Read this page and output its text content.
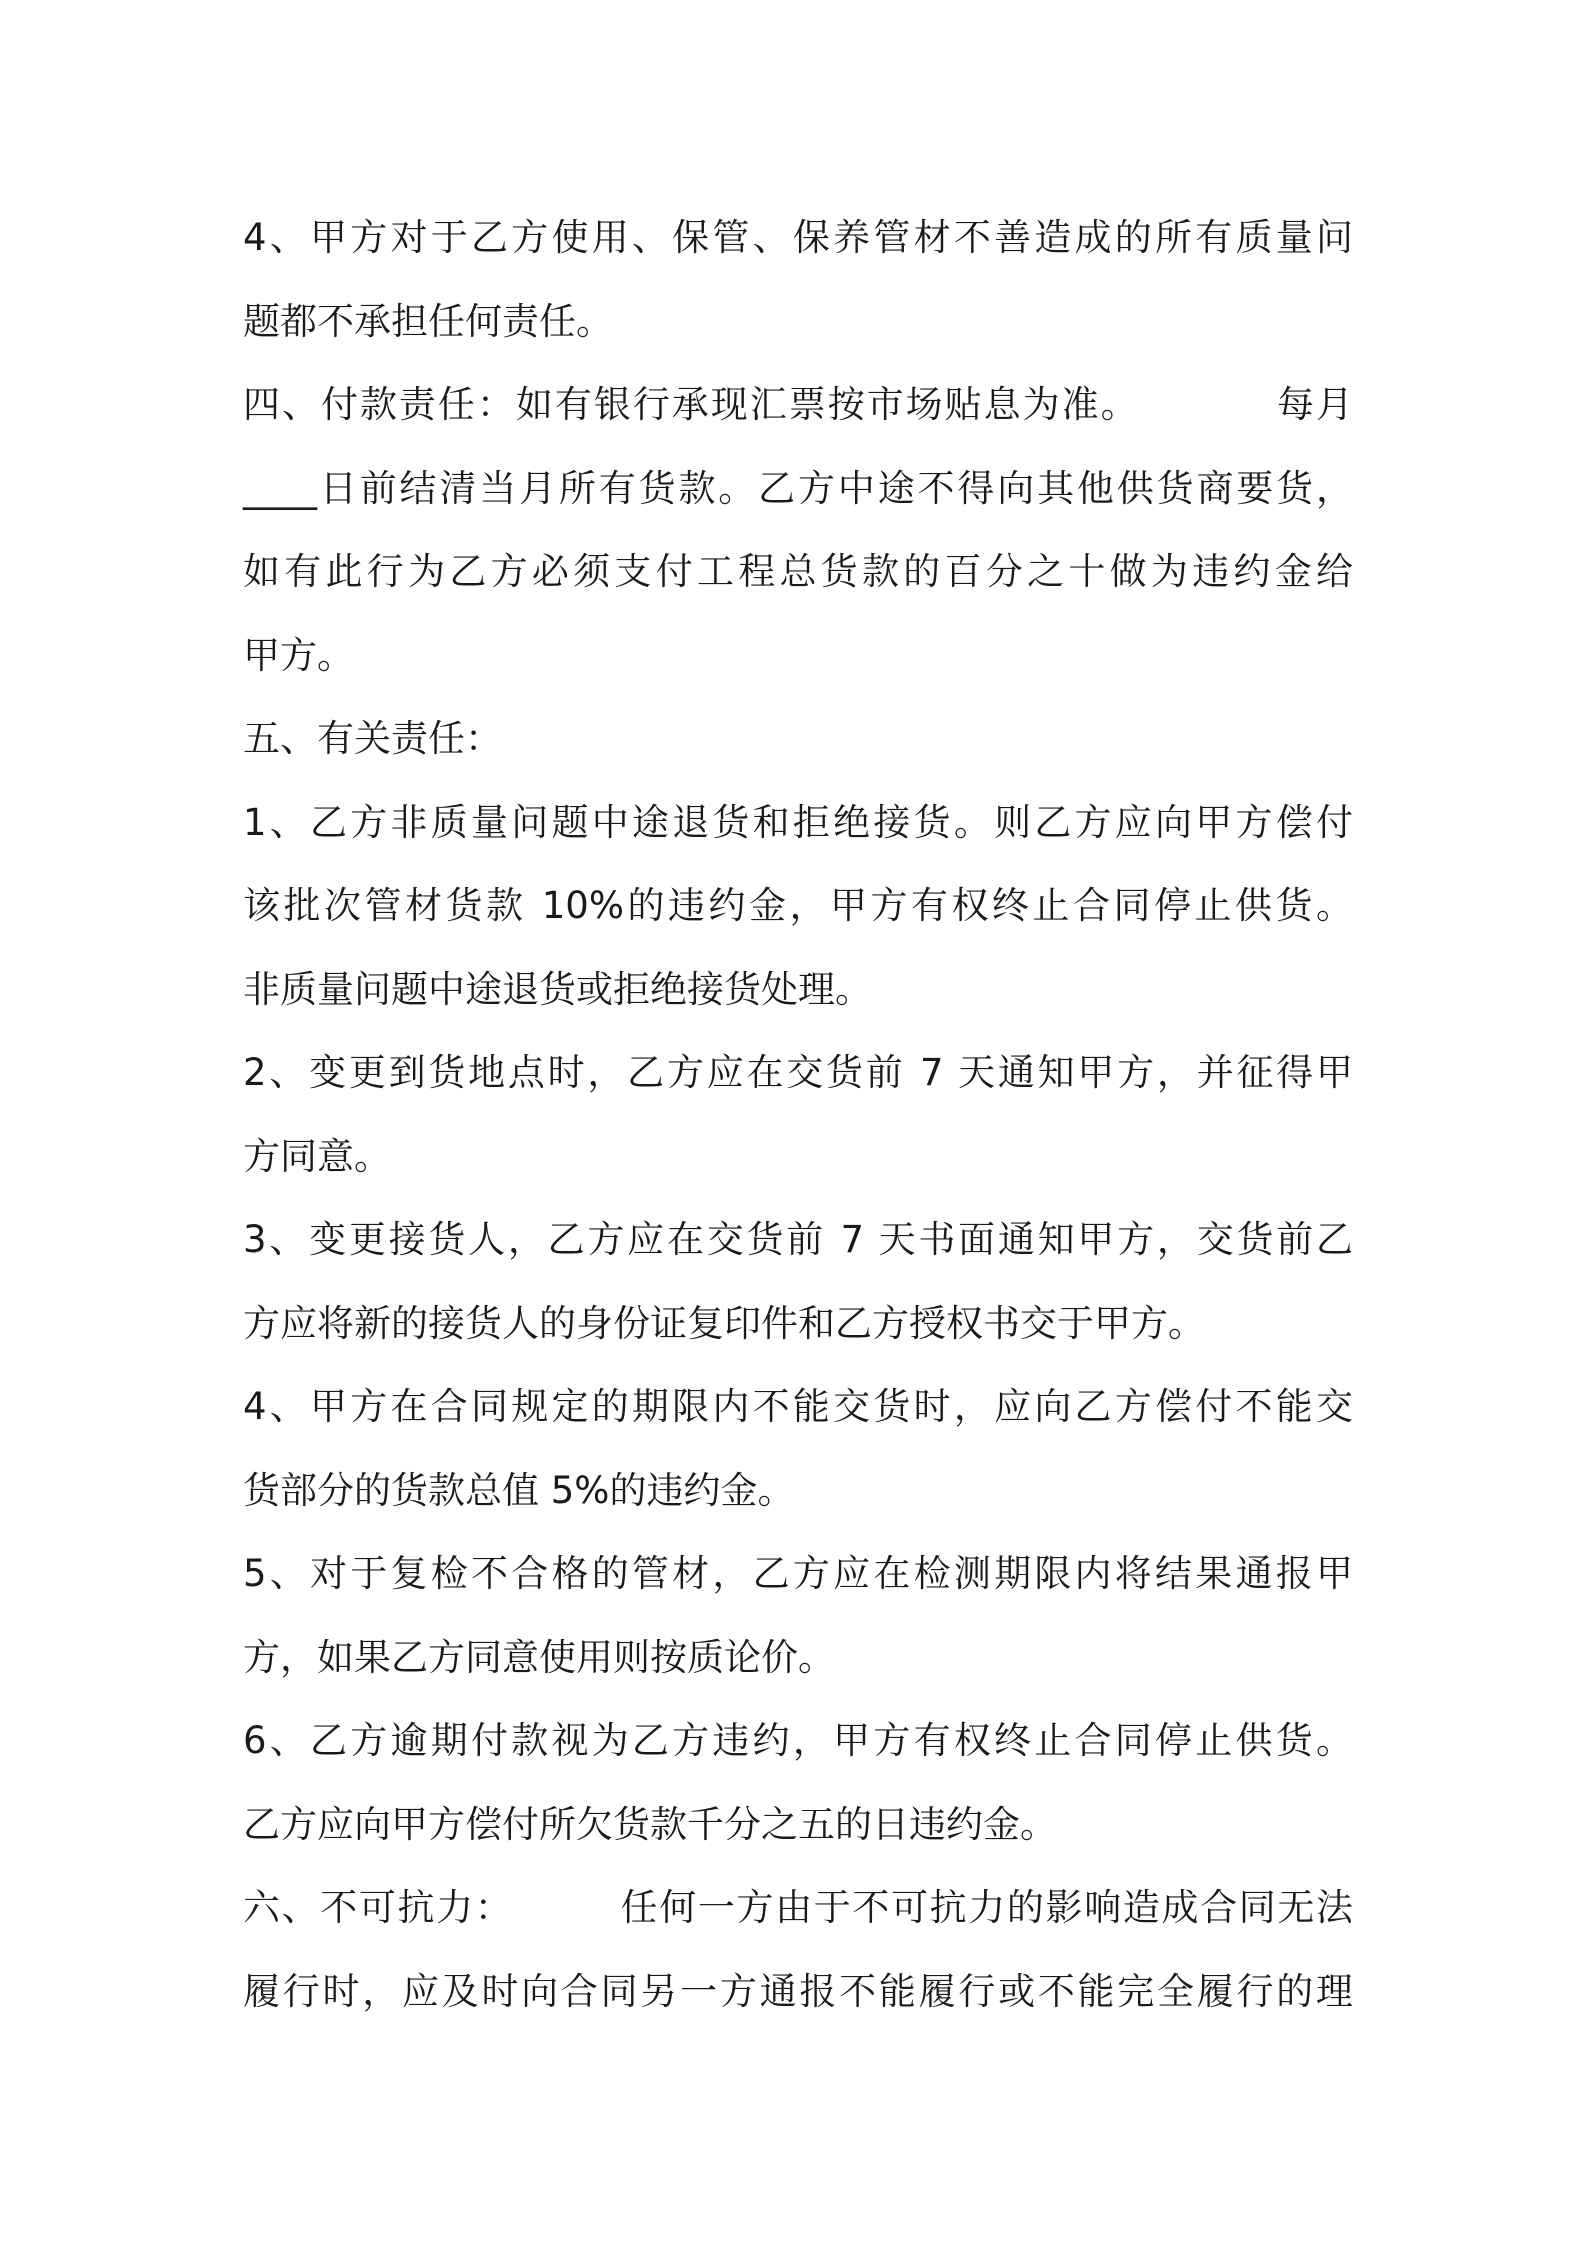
4、甲方对于乙方使用、保管、保养管材不善造成的所有质量问
题都不承担任何责任。
四、付款责任：如有银行承现汇票按市场贴息为准。          每月
____日前结清当月所有货款。乙方中途不得向其他供货商要货，
如有此行为乙方必须支付工程总货款的百分之十做为违约金给
甲方。
五、有关责任：
1、乙方非质量问题中途退货和拒绝接货。则乙方应向甲方偿付
该批次管材货款 10%的违约金，甲方有权终止合同停止供货。
非质量问题中途退货或拒绝接货处理。
2、变更到货地点时，乙方应在交货前 7 天通知甲方，并征得甲
方同意。
3、变更接货人，乙方应在交货前 7 天书面通知甲方，交货前乙
方应将新的接货人的身份证复印件和乙方授权书交于甲方。
4、甲方在合同规定的期限内不能交货时，应向乙方偿付不能交
货部分的货款总值 5%的违约金。
5、对于复检不合格的管材，乙方应在检测期限内将结果通报甲
方，如果乙方同意使用则按质论价。
6、乙方逾期付款视为乙方违约，甲方有权终止合同停止供货。
乙方应向甲方偿付所欠货款千分之五的日违约金。
六、不可抗力：        任何一方由于不可抗力的影响造成合同无法
履行时，应及时向合同另一方通报不能履行或不能完全履行的理
